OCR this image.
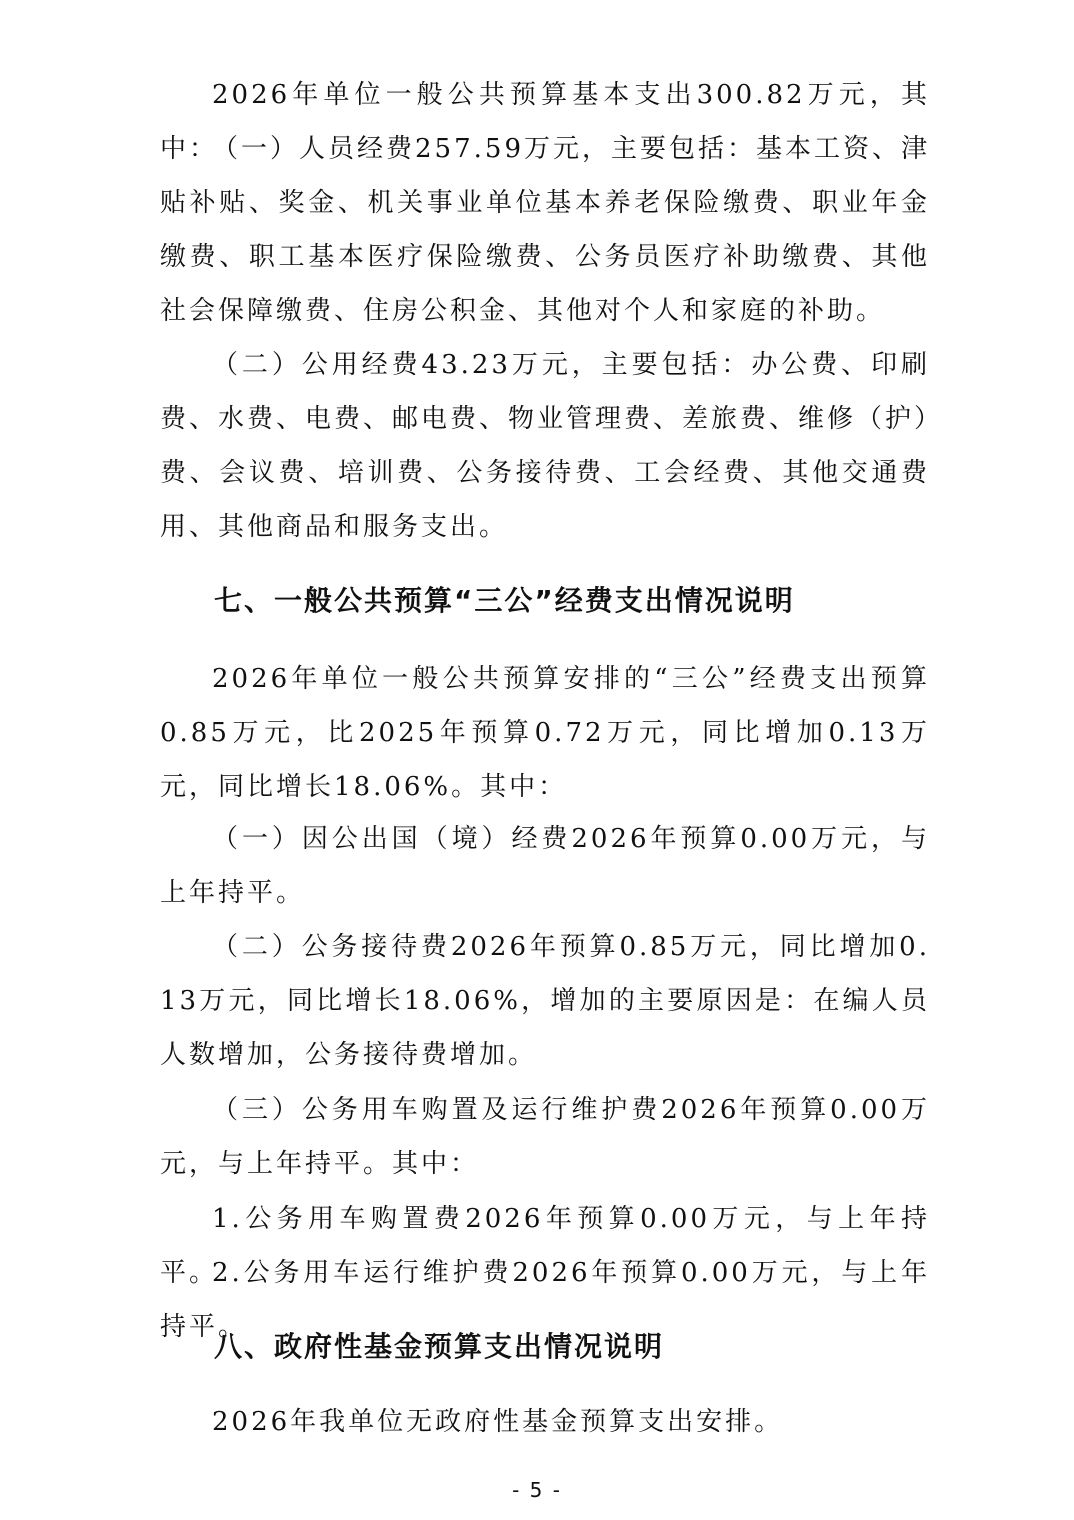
2026年单位一般公共预算基本支出300.82万元，其中：

（一）人员经费257.59万元，主要包括：基本工资、津贴补贴、奖金、机关事业单位基本养老保险缴费、职业年金缴费、职工基本医疗保险缴费、公务员医疗补助缴费、其他社会保障缴费、住房公积金、其他对个人和家庭的补助。

（二）公用经费43.23万元，主要包括：办公费、印刷费、水费、电费、邮电费、物业管理费、差旅费、维修（护）费、会议费、培训费、公务接待费、工会经费、其他交通费用、其他商品和服务支出。

七、一般公共预算“三公”经费支出情况说明

2026年单位一般公共预算安排的“三公”经费支出预算0.85万元，比2025年预算0.72万元，同比增加0.13万元，同比增长18.06%。其中：

（一）因公出国（境）经费2026年预算0.00万元，与上年持平。

（二）公务接待费2026年预算0.85万元，同比增加0.13万元，同比增长18.06%，增加的主要原因是：在编人员人数增加，公务接待费增加。

（三）公务用车购置及运行维护费2026年预算0.00万元，与上年持平。其中：

1.公务用车购置费2026年预算0.00万元，与上年持平。

2.公务用车运行维护费2026年预算0.00万元，与上年持平。

八、政府性基金预算支出情况说明

2026年我单位无政府性基金预算支出安排。

- 5 -
